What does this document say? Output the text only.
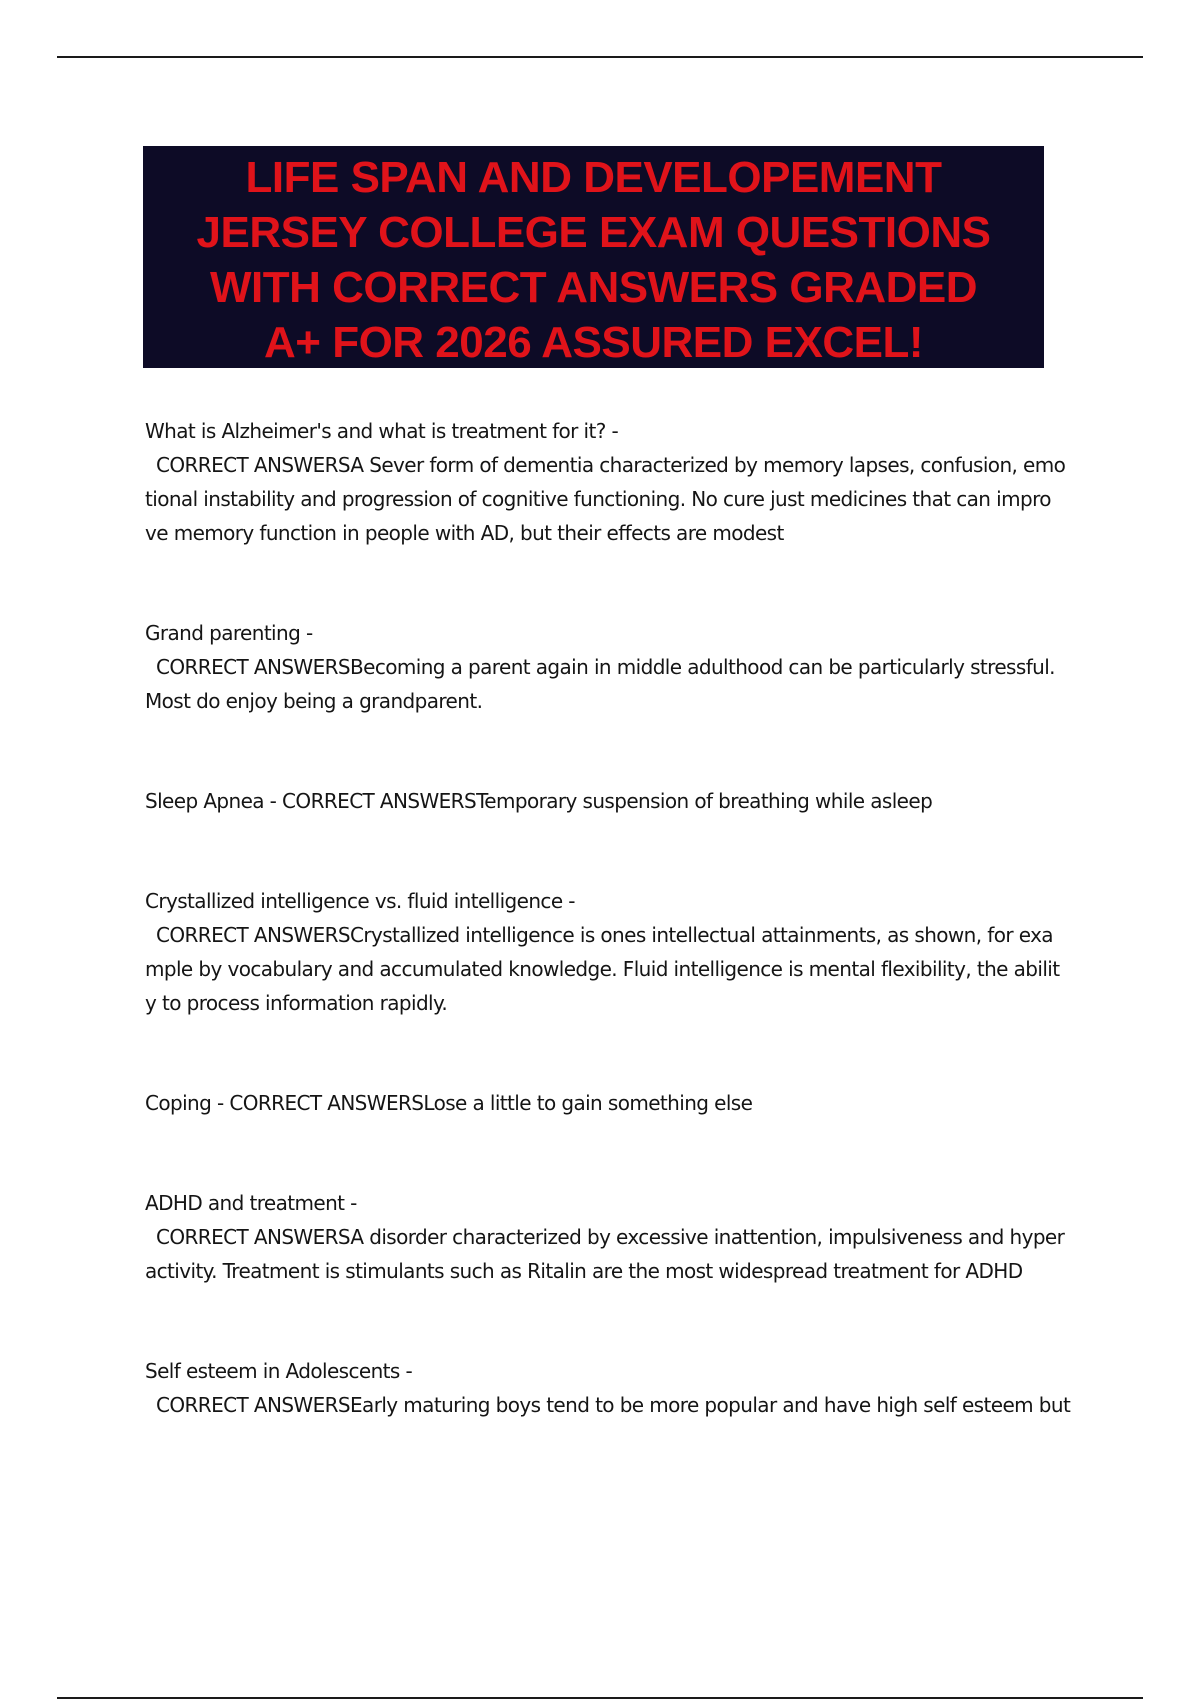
LIFE SPAN AND DEVELOPEMENT
JERSEY COLLEGE EXAM QUESTIONS
WITH CORRECT ANSWERS GRADED
A+ FOR 2026 ASSURED EXCEL!
What is Alzheimer's and what is treatment for it? -
CORRECT ANSWERSA Sever form of dementia characterized by memory lapses, confusion, emo
tional instability and progression of cognitive functioning. No cure just medicines that can impro
ve memory function in people with AD, but their effects are modest
Grand parenting -
CORRECT ANSWERSBecoming a parent again in middle adulthood can be particularly stressful.
Most do enjoy being a grandparent.
Sleep Apnea - CORRECT ANSWERSTemporary suspension of breathing while asleep
Crystallized intelligence vs. fluid intelligence -
CORRECT ANSWERSCrystallized intelligence is ones intellectual attainments, as shown, for exa
mple by vocabulary and accumulated knowledge. Fluid intelligence is mental flexibility, the abilit
y to process information rapidly.
Coping - CORRECT ANSWERSLose a little to gain something else
ADHD and treatment -
CORRECT ANSWERSA disorder characterized by excessive inattention, impulsiveness and hyper
activity. Treatment is stimulants such as Ritalin are the most widespread treatment for ADHD
Self esteem in Adolescents -
CORRECT ANSWERSEarly maturing boys tend to be more popular and have high self esteem but
